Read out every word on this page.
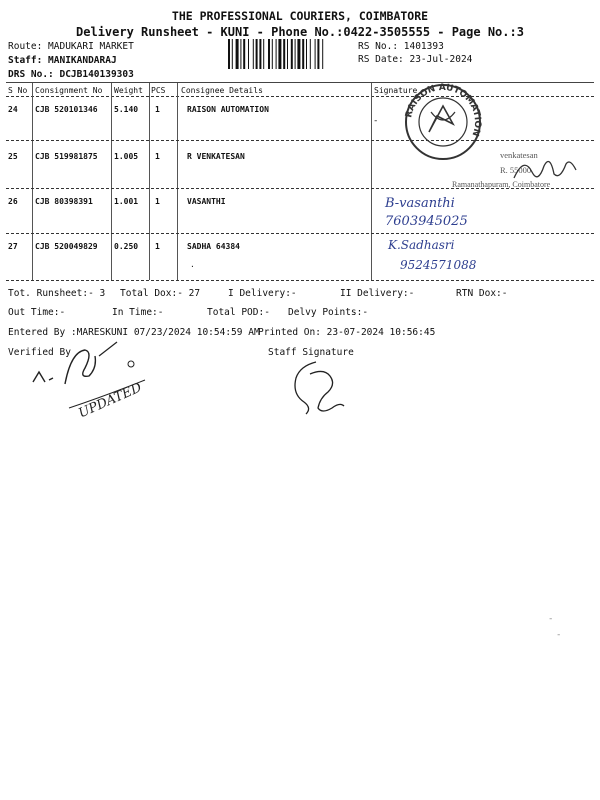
THE PROFESSIONAL COURIERS, COIMBATORE
Delivery Runsheet - KUNI - Phone No.:0422-3505555 - Page No.:3
Route: MADUKARI MARKET
Staff: MANIKANDARAJ
DRS No.: DCJB140139303
RS No.: 1401393
RS Date: 23-Jul-2024
S No Consignment No Weight PCS Consignee Details	Signature
24 CJB 520101346 5.140 1	RAISON AUTOMATION
25 CJB 519981875 1.005 1	R VENKATESAN
26 CJB 80398391	1.001 1	VASANTHI
27 CJB 520049829 0.250 1	SADHA 64384
·
Tot. Runsheet:- 3 Total Dox:- 27	I Delivery:-	II Delivery:-	RTN Dox:-
Out Time:-	In Time:-	Total POD:- Delvy Points:-
Entered By :MARESKUNI 07/23/2024 10:54:59 AM
Printed On: 23-07-2024 10:56:45
Verified By	Staff Signature
RAISON AUTOMATION
-
venkatesan
R. 55000.
Ramanathapuram, Coimbatore
B-vasanthi
7603945025
K.Sadhasri
9524571088
UPDATED
-
-
